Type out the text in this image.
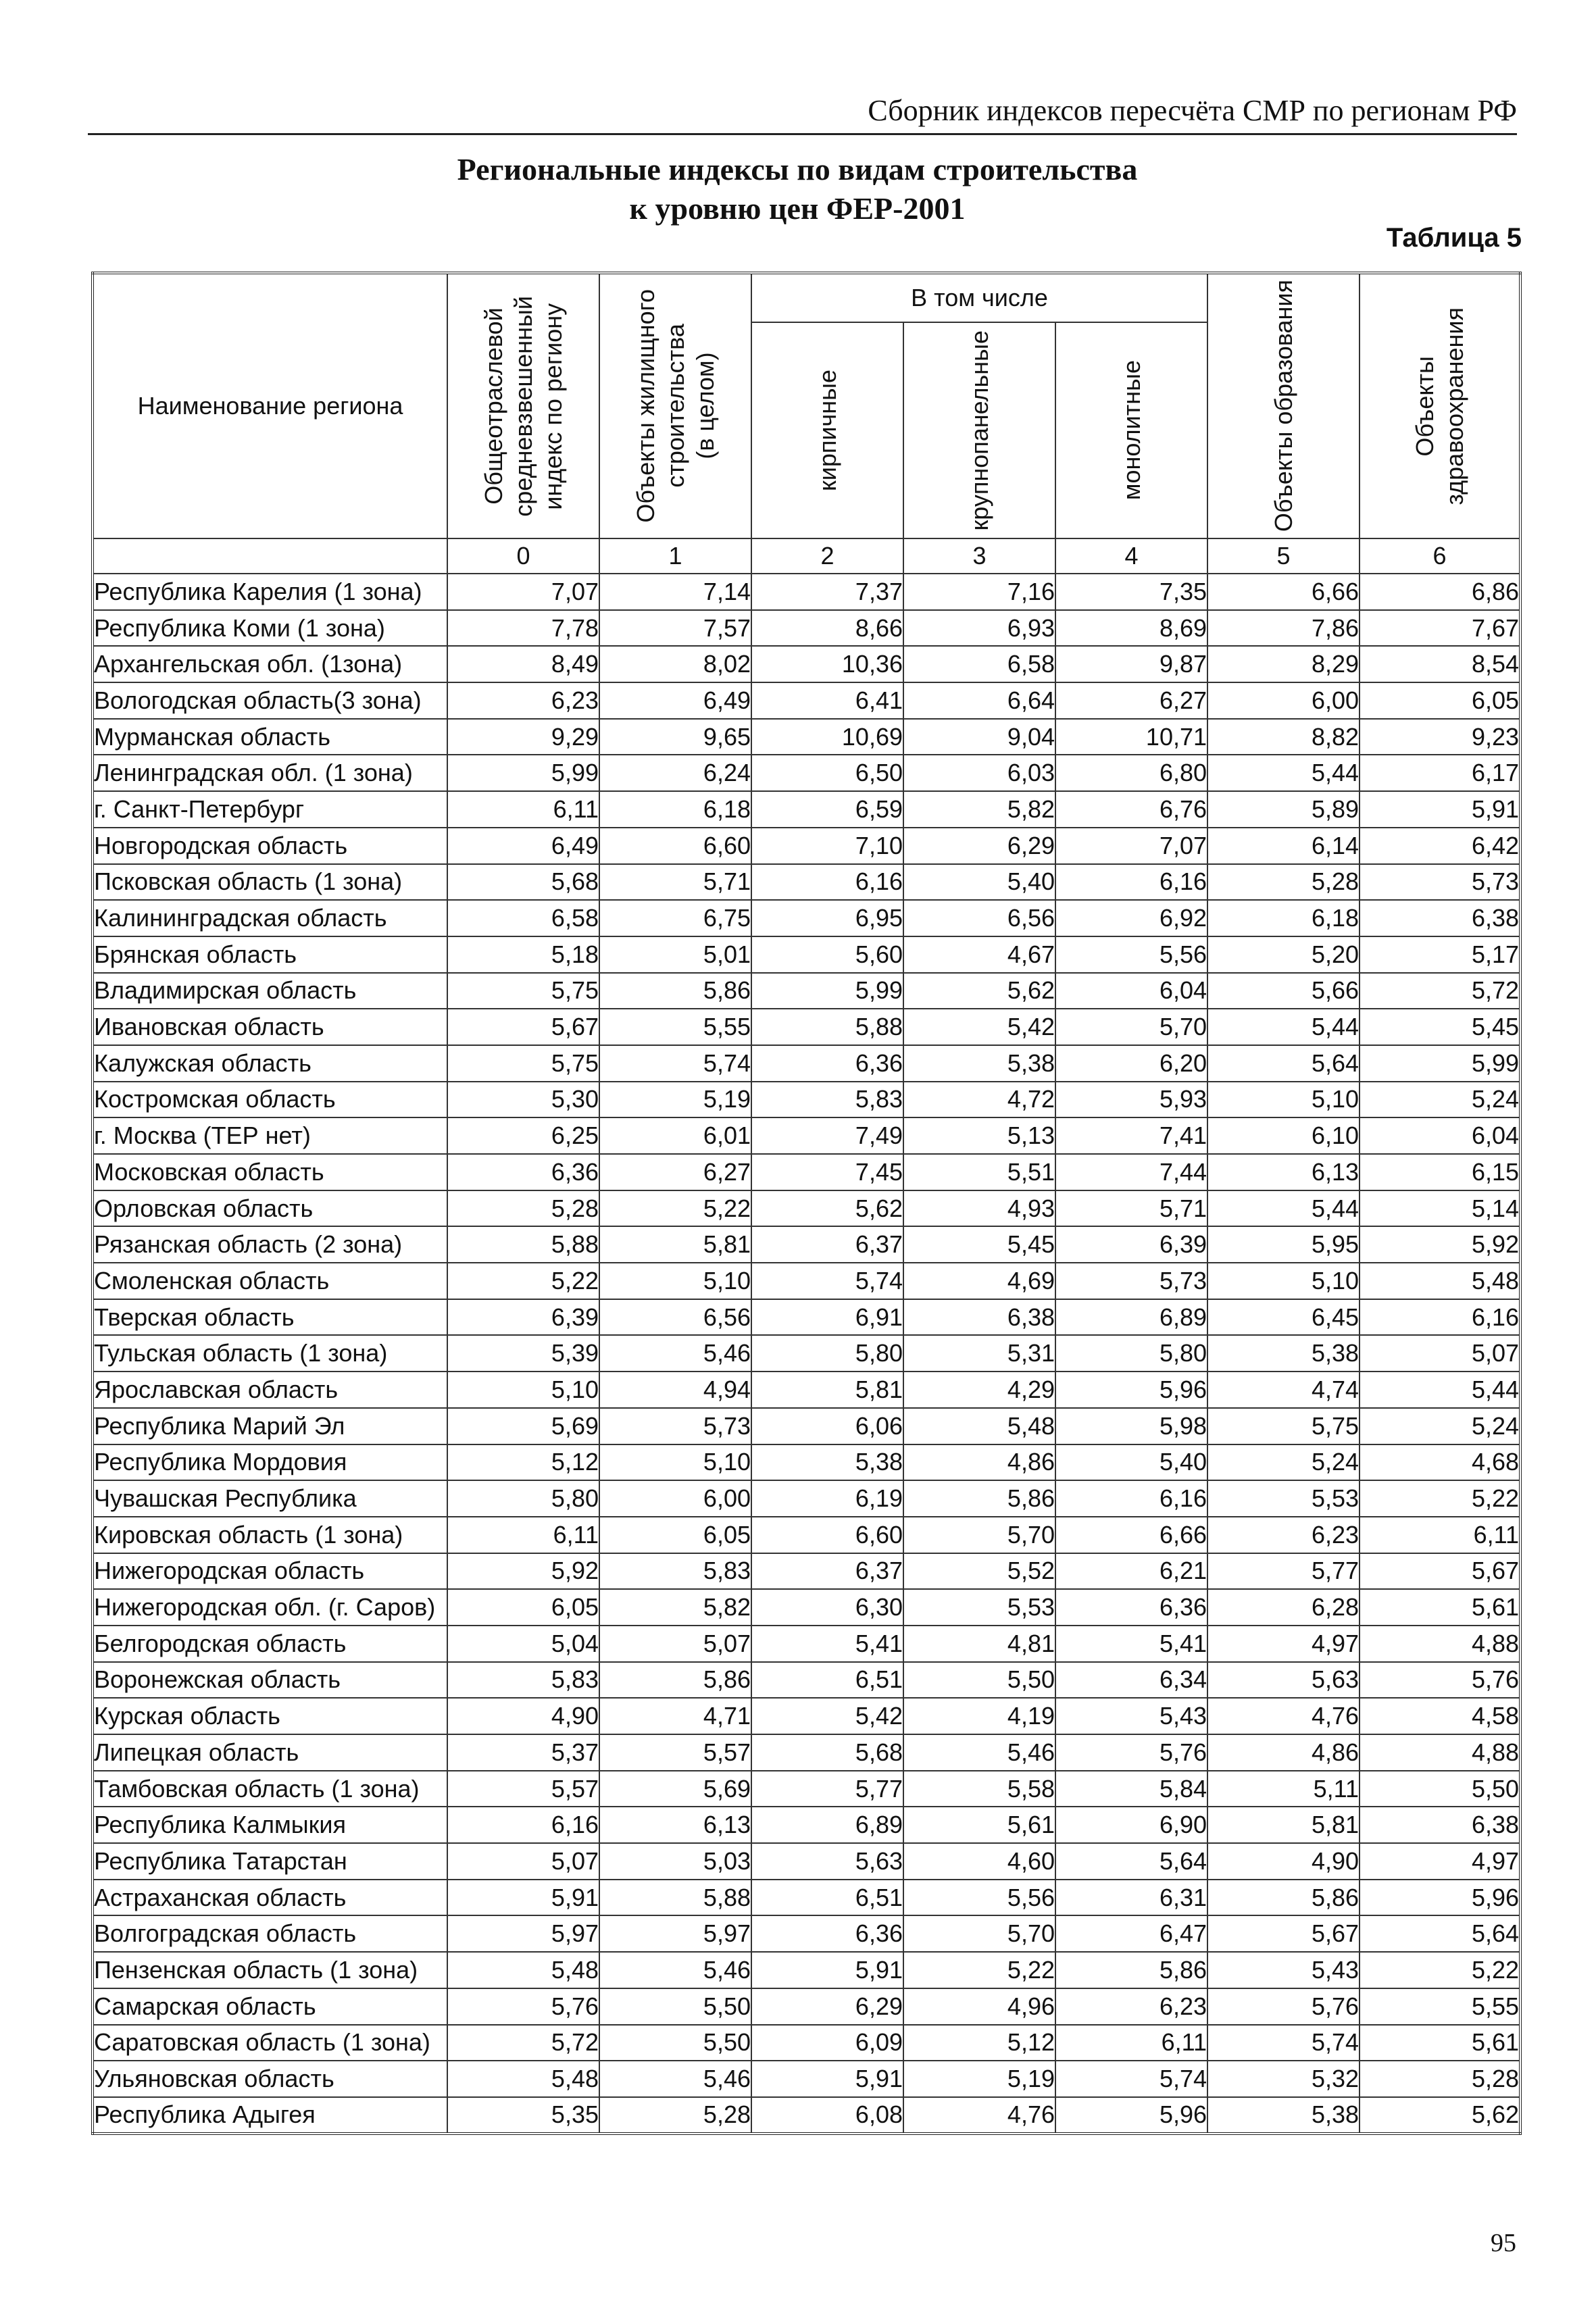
Сборник индексов пересчёта СМР по регионам РФ
Региональные индексы по видам строительства
к уровню цен ФЕР-2001
Таблица 5
Наименование региона	Общеотраслевой
средневзвешенный
индекс по региону	Объекты жилищного
строительства
(в целом)	В том числе			Объекты образования	Объекты
здравоохранения

			кирпичные	крупнопанельные	монолитные		

	0	1	2	3	4	5	6
Республика Карелия (1 зона)	7,07	7,14	7,37	7,16	7,35	6,66	6,86
Республика Коми (1 зона)	7,78	7,57	8,66	6,93	8,69	7,86	7,67
Архангельская обл. (1зона)	8,49	8,02	10,36	6,58	9,87	8,29	8,54
Вологодская область(3 зона)	6,23	6,49	6,41	6,64	6,27	6,00	6,05
Мурманская область	9,29	9,65	10,69	9,04	10,71	8,82	9,23
Ленинградская обл. (1 зона)	5,99	6,24	6,50	6,03	6,80	5,44	6,17
г. Санкт-Петербург	6,11	6,18	6,59	5,82	6,76	5,89	5,91
Новгородская область	6,49	6,60	7,10	6,29	7,07	6,14	6,42
Псковская область (1 зона)	5,68	5,71	6,16	5,40	6,16	5,28	5,73
Калининградская область	6,58	6,75	6,95	6,56	6,92	6,18	6,38
Брянская область	5,18	5,01	5,60	4,67	5,56	5,20	5,17
Владимирская область	5,75	5,86	5,99	5,62	6,04	5,66	5,72
Ивановская область	5,67	5,55	5,88	5,42	5,70	5,44	5,45
Калужская область	5,75	5,74	6,36	5,38	6,20	5,64	5,99
Костромская область	5,30	5,19	5,83	4,72	5,93	5,10	5,24
г. Москва (ТЕР нет)	6,25	6,01	7,49	5,13	7,41	6,10	6,04
Московская область	6,36	6,27	7,45	5,51	7,44	6,13	6,15
Орловская область	5,28	5,22	5,62	4,93	5,71	5,44	5,14
Рязанская область (2 зона)	5,88	5,81	6,37	5,45	6,39	5,95	5,92
Смоленская область	5,22	5,10	5,74	4,69	5,73	5,10	5,48
Тверская область	6,39	6,56	6,91	6,38	6,89	6,45	6,16
Тульская область (1 зона)	5,39	5,46	5,80	5,31	5,80	5,38	5,07
Ярославская область	5,10	4,94	5,81	4,29	5,96	4,74	5,44
Республика Марий Эл	5,69	5,73	6,06	5,48	5,98	5,75	5,24
Республика Мордовия	5,12	5,10	5,38	4,86	5,40	5,24	4,68
Чувашская Республика	5,80	6,00	6,19	5,86	6,16	5,53	5,22
Кировская область (1 зона)	6,11	6,05	6,60	5,70	6,66	6,23	6,11
Нижегородская область	5,92	5,83	6,37	5,52	6,21	5,77	5,67
Нижегородская обл. (г. Саров)	6,05	5,82	6,30	5,53	6,36	6,28	5,61
Белгородская область	5,04	5,07	5,41	4,81	5,41	4,97	4,88
Воронежская область	5,83	5,86	6,51	5,50	6,34	5,63	5,76
Курская область	4,90	4,71	5,42	4,19	5,43	4,76	4,58
Липецкая область	5,37	5,57	5,68	5,46	5,76	4,86	4,88
Тамбовская область (1 зона)	5,57	5,69	5,77	5,58	5,84	5,11	5,50
Республика Калмыкия	6,16	6,13	6,89	5,61	6,90	5,81	6,38
Республика Татарстан	5,07	5,03	5,63	4,60	5,64	4,90	4,97
Астраханская область	5,91	5,88	6,51	5,56	6,31	5,86	5,96
Волгоградская область	5,97	5,97	6,36	5,70	6,47	5,67	5,64
Пензенская область (1 зона)	5,48	5,46	5,91	5,22	5,86	5,43	5,22
Самарская область	5,76	5,50	6,29	4,96	6,23	5,76	5,55
Саратовская область (1 зона)	5,72	5,50	6,09	5,12	6,11	5,74	5,61
Ульяновская область	5,48	5,46	5,91	5,19	5,74	5,32	5,28
Республика Адыгея	5,35	5,28	6,08	4,76	5,96	5,38	5,62
95
